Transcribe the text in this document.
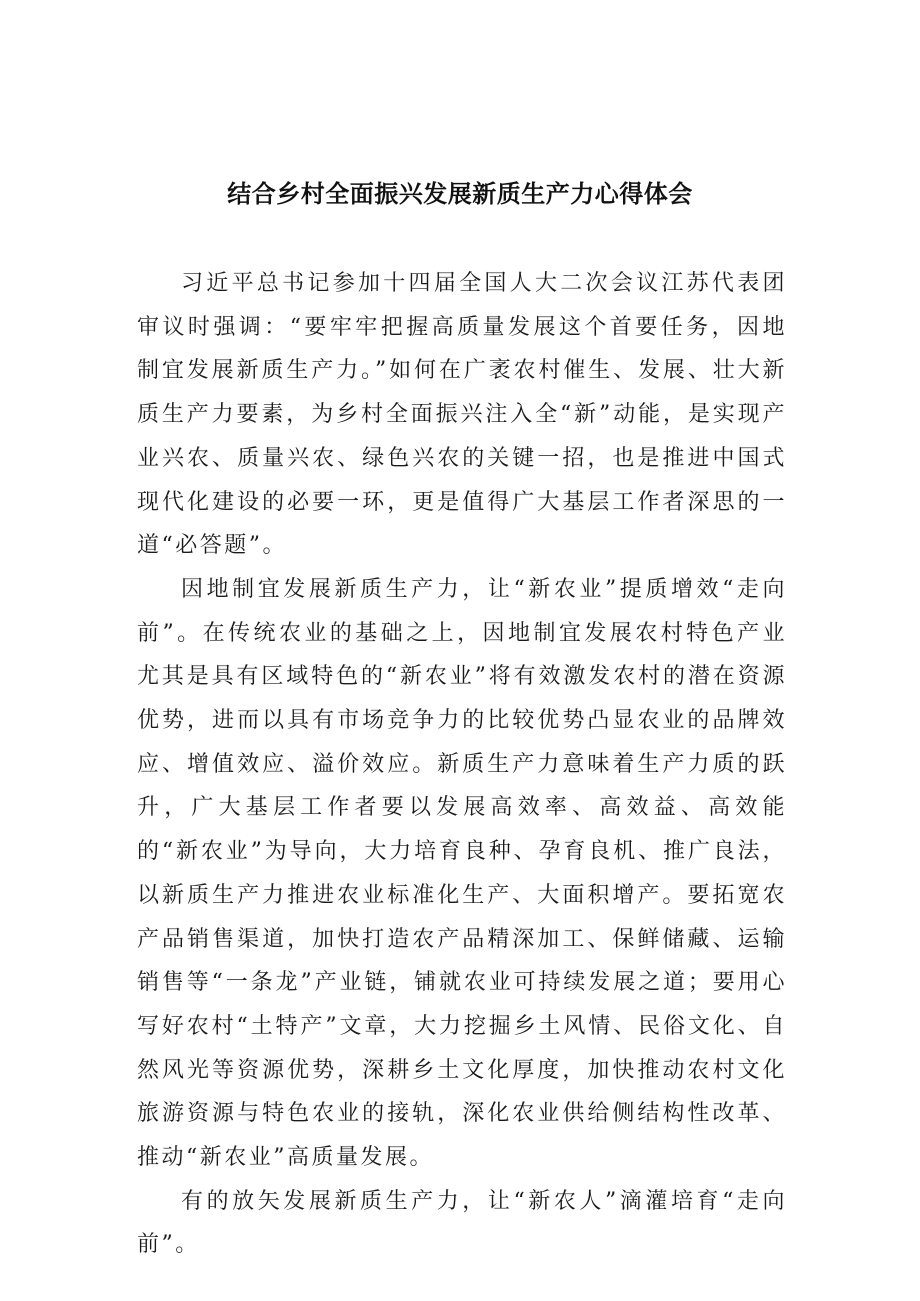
结合乡村全面振兴发展新质生产力心得体会

习近平总书记参加十四届全国人大二次会议江苏代表团审议时强调：“要牢牢把握高质量发展这个首要任务，因地制宜发展新质生产力。”如何在广袤农村催生、发展、壮大新质生产力要素，为乡村全面振兴注入全“新”动能，是实现产业兴农、质量兴农、绿色兴农的关键一招，也是推进中国式现代化建设的必要一环，更是值得广大基层工作者深思的一道“必答题”。

因地制宜发展新质生产力，让“新农业”提质增效“走向前”。在传统农业的基础之上，因地制宜发展农村特色产业尤其是具有区域特色的“新农业”将有效激发农村的潜在资源优势，进而以具有市场竞争力的比较优势凸显农业的品牌效应、增值效应、溢价效应。新质生产力意味着生产力质的跃升，广大基层工作者要以发展高效率、高效益、高效能的“新农业”为导向，大力培育良种、孕育良机、推广良法，以新质生产力推进农业标准化生产、大面积增产。要拓宽农产品销售渠道，加快打造农产品精深加工、保鲜储藏、运输销售等“一条龙”产业链，铺就农业可持续发展之道；要用心写好农村“土特产”文章，大力挖掘乡土风情、民俗文化、自然风光等资源优势，深耕乡土文化厚度，加快推动农村文化旅游资源与特色农业的接轨，深化农业供给侧结构性改革、推动“新农业”高质量发展。

有的放矢发展新质生产力，让“新农人”滴灌培育“走向前”。
